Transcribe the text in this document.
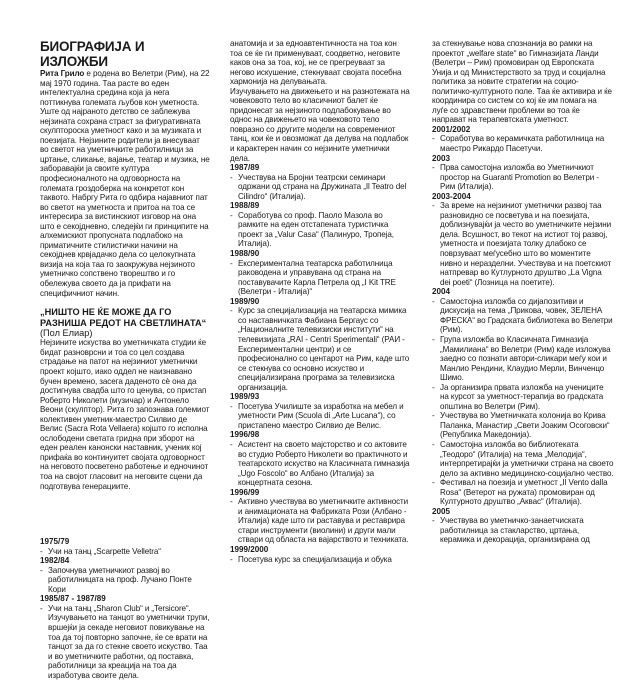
БИОГРАФИЈА И ИЗЛОЖБИ

Рита Грило е родена во Велетри (Рим), на 22 мај 1970 година. Таа расте во еден интелектуална средина која ја нега поттикнува големата љубов кон уметноста. Уште од најраното детство се заблежува нејзината сохрана страст за фигуративната скулптороска уметност како и за музиката и поезијата. Нејзините родители ја внесуваат во светот на уметничките работилници за цртање, сликање, вајање, театар и музика, не заборавајќи ја своите култура професионалното на одговорноста на големата гроздоберка на конкретот кон таквото. Набргу Рита го одбира најавниот пат во светот на уметноста и притоа на тоа се интересира за вистинскиот изговор на она што е секојдневно, следејќи ги принципите на алхемискиот пропусната подлабоко на приматичните стилистички начини на секојднев крвјадачко дела со целокупната визија на која таа го заокружува нејзиното уметничко сопствено творештво и го обележува своето да ја прифати на специфичниот начин.

„НИШТО НЕ ЌЕ МОЖЕ ДА ГО РАЗНИША РЕДОТ НА СВЕТЛИНАТА“ (Пол Елиар)

Нејзините искуства во уметничката студии ќе бидат разноврсни и тоа со цел создава страдање на патот на нејзиниот уметнички проект којшто, иако оддел не наизнавано бучен времено, засега даденото сè она да достигнува свадба што го ценува, со пристап Роберто Николети (музичар) и Антонело Веони (скулптор). Рита го запознава големиот колективен уметник-маестро Силвио де Велис (Sacra Rota Vellaera) којшто го исполна ослободени светата гридна при зборот на еден реален канонски наставник, ученик кој прифаќа во континуитет својата одговорност на неговото посветено работење и едночинот тоа на својот гласовит на неговите сцени да подготвува генерациите.

1975/79

- Учи на танц „Scarpette Velletra“

1982/84

- Започнува уметничкиот развој во работилницата на проф. Лучано Понте Кори

1985/87 - 1987/89

- Учи на танц „Sharon Club“ и „Tersicore“.

Изучувањето на танцот во уметнички трупи, вршејќи ја секаде неговиот повикување на тоа да тој повторно започне, ќе се врати на танцот за да го стекне своето искуство. Таа и во уметничките работни, од поставка, работилници за креација на тоа да изработува своите дела.

анатомија и за едноавтентичноста на тоа кон тоа се ќе ги применуваат, соодветно, неговите каков она за тоа, кој, не се прегреуваат за негово искушение, стекнуваат својата посебна хармонија на делувањата.

Изучувањето на движењето и на разнотежата на човековото тело во класичниот балет ќе придонесат за нејзиното подлабокување во однос на движењето на човековото тело повразно со другите модели на современиот танц, кои ќе и овозможат да делува на подлабок и карактерен начин со нејзините уметнички дела.

1987/89

- Учествува на Бројни театрски семинари одржани од страна на Дружината „Il Teatro del Cilindro“ (Италија).

1988/89

- Соработува со проф. Паоло Мазола во рамките на еден отстапената туристичка проект за „Valur Casa“ (Палинуро, Тропеја, Италија).

1988/90

- Експериментална театарска работилница раководена и управувана од страна на поставувачите Карла Петрела од „I Kit TRE (Велетри - Италија)“

1989/90

- Курс за специјализација на театарска мимика со наставничката Фабиана Бергаус со „Националните телевизиски институти“ на телевизијата „RAI - Centri Sperimentali“ (РАИ - Експериментални центри) и се професионално со центарот на Рим, каде што се стекнува со основно искуство и специјализирана програма за телевизиска организација.

1989/93

- Посетува Училиште за изработка на мебел и уметности Рим (Scuola di „Arte Lucana“), со пристапено маестро Силвио де Велис.

1996/98

- Асистент на своето мајсторство и со актовите во студио Роберто Николети во практичното и театарското искуство на Класичната гимназија „Ugo Foscolo“ во Албано (Италија) за концертната сезона.

1996/99

- Активно учествува во уметничките активности и анимационата на Фабриката Рози (Албано - Италија) каде што ги раставува и реставрира стари инструменти (виолини) и други мали ствари од областа на вајарството и техниката.

1999/2000

- Посетува курс за специјализација и обука

за стекнување нова спознанија во рамки на проектот „welfare state“ во Гимназијата Ланди (Велетри – Рим) промовиран од Европската Унија и од Министерството за труд и социјална политика за новите стратегии на социо-политичко-културното поле. Таа ќе активира и ќе координира со систем со кој ќе им помага на луѓе со здравствени проблеми во тоа ќе направат на терапевтската уметност.

2001/2002

- Соработува во керамичката работилница на маестро Рикардо Пасетучи.

2003

- Прва самостојна изложба во Уметничкиот простор на Guaranti Promotion во Велетри - Рим (Италија).

2003-2004

- За време на нејзиниот уметнички развој таа разновидно се посветува и на поезијата, доблизнувајќи ја често во уметничките нејзини дела. Всушност, во текот на истиот тој развој, уметноста и поезијата толку длабоко се поврзуваат меѓусебно што во моментите нивно и неразделни. Учествува и на поетскиот натпревар во Кутлурното друштво „La Vigna dei poeti“ (Лозница на поетите).

2004

- Самостојна изложба со дијапозитиви и дискусија на тема „Прикова, човек, ЗЕЛЕНА ФРЕСКА“ во Градската библиотека во Велетри (Рим).

- Група изложба во Класичната Гимназија „Мамилиана“ во Велетри (Рим) каде изложува заедно со познати автори-сликари меѓу кои и Манлио Рендини, Клаудио Мерли, Винченцо Шимо.

- Ја организира првата изложба на учениците на курсот за уметност-терапија во градската општина во Велетри (Рим).

- Учествува во Уметничката колонија во Крива Паланка, Манастир „Свети Јоаким Осоговски“ (Република Македонија).

- Самостојна изложба во библиотеката „Теодоро“ (Италија) на тема „Мелодија“, интерпретирајќи ја уметнички страна на своето дело за активно медицинско-социјално чество.

- Фестивал на поезија и уметност „Il Vento dalla Rosa“ (Ветерот на ружата) промовиран од Културното друштво „Аквас“ (Италија).

2005

- Учествува во уметничко-занаетчиската работилница за стакларство, цртања, керамика и декорација, организирана од
